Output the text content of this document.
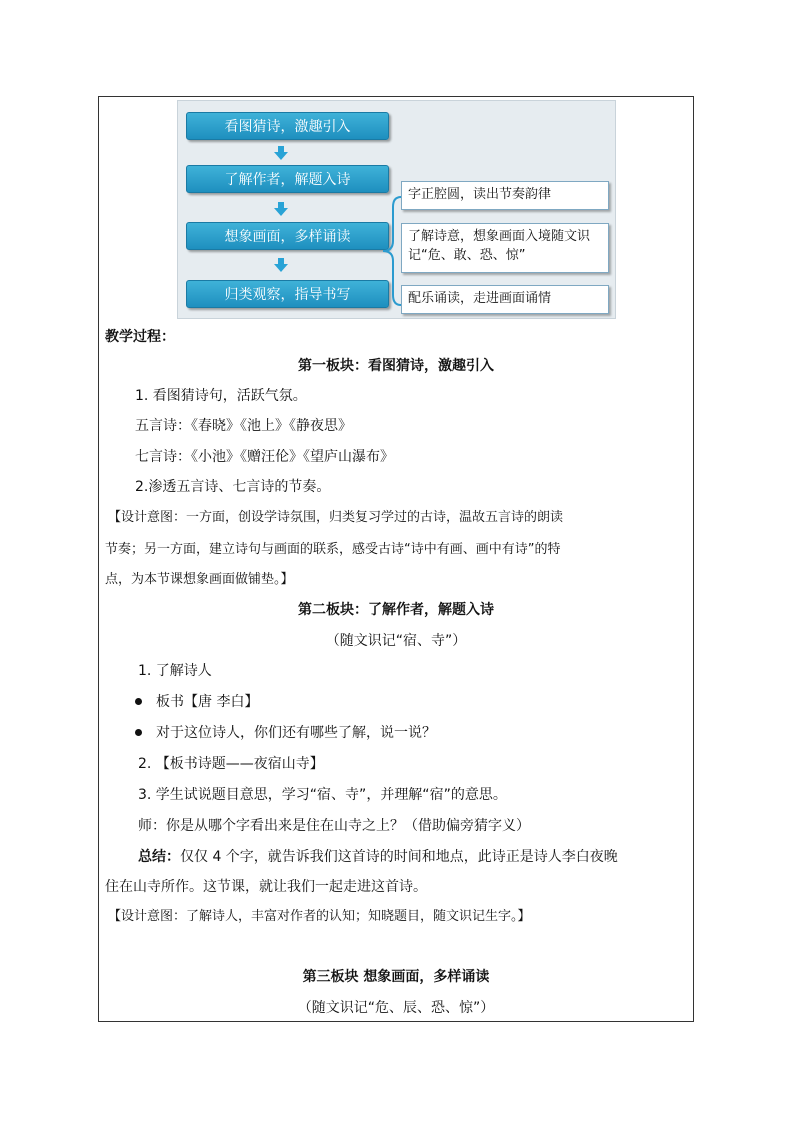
看图猜诗，激趣引入
了解作者，解题入诗
想象画面，多样诵读
归类观察，指导书写
字正腔圆，读出节奏韵律
了解诗意，想象画面入境随文识记“危、敢、恐、惊”
配乐诵读，走进画面诵情
教学过程：
第一板块：看图猜诗，激趣引入
1. 看图猜诗句，活跃气氛。
五言诗：《春晓》《池上》《静夜思》
七言诗：《小池》《赠汪伦》《望庐山瀑布》
2.渗透五言诗、七言诗的节奏。
【设计意图：一方面，创设学诗氛围，归类复习学过的古诗，温故五言诗的朗读
节奏；另一方面，建立诗句与画面的联系，感受古诗“诗中有画、画中有诗”的特
点，为本节课想象画面做铺垫。】
第二板块：了解作者，解题入诗
（随文识记“宿、寺”）
1. 了解诗人
板书【唐 李白】
对于这位诗人，你们还有哪些了解，说一说？
2. 【板书诗题——夜宿山寺】
3. 学生试说题目意思，学习“宿、寺”，并理解“宿”的意思。
师：你是从哪个字看出来是住在山寺之上？（借助偏旁猜字义）
总结：仅仅 4 个字，就告诉我们这首诗的时间和地点，此诗正是诗人李白夜晚
住在山寺所作。这节课，就让我们一起走进这首诗。
【设计意图：了解诗人，丰富对作者的认知；知晓题目，随文识记生字。】
第三板块 想象画面，多样诵读
（随文识记“危、辰、恐、惊”）
